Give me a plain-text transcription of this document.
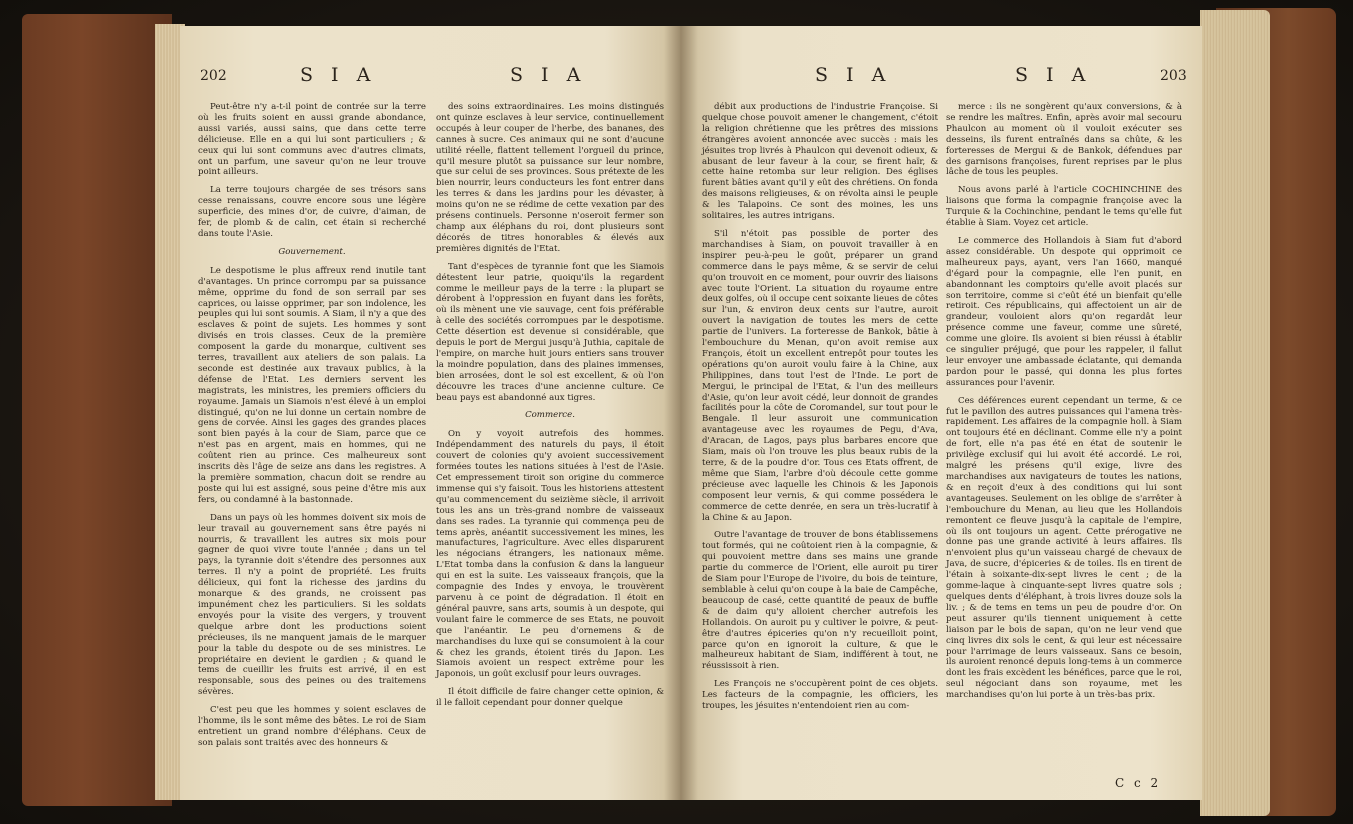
202	S I A	S I A

Peut-être n'y a-t-il point de contrée sur la terre où les fruits soient en aussi grande abondance, aussi variés, aussi sains, que dans cette terre délicieuse. Elle en a qui lui sont particuliers ; & ceux qui lui sont communs avec d'autres climats, ont un parfum, une saveur qu'on ne leur trouve point ailleurs.

La terre toujours chargée de ses trésors sans cesse renaissans, couvre encore sous une légère superficie, des mines d'or, de cuivre, d'aiman, de fer, de plomb & de calin, cet étain si recherché dans toute l'Asie.

Gouvernement.

Le despotisme le plus affreux rend inutile tant d'avantages. Un prince corrompu par sa puissance même, opprime du fond de son serrail par ses caprices, ou laisse opprimer, par son indolence, les peuples qui lui sont soumis. A Siam, il n'y a que des esclaves & point de sujets. Les hommes y sont divisés en trois classes. Ceux de la première composent la garde du monarque, cultivent ses terres, travaillent aux ateliers de son palais. La seconde est destinée aux travaux publics, à la défense de l'Etat. Les derniers servent les magistrats, les ministres, les premiers officiers du royaume. Jamais un Siamois n'est élevé à un emploi distingué, qu'on ne lui donne un certain nombre de gens de corvée. Ainsi les gages des grandes places sont bien payés à la cour de Siam, parce que ce n'est pas en argent, mais en hommes, qui ne coûtent rien au prince. Ces malheureux sont inscrits dès l'âge de seize ans dans les registres. A la première sommation, chacun doit se rendre au poste qui lui est assigné, sous peine d'être mis aux fers, ou condamné à la bastonnade.

Dans un pays où les hommes doivent six mois de leur travail au gouvernement sans être payés ni nourris, & travaillent les autres six mois pour gagner de quoi vivre toute l'année ; dans un tel pays, la tyrannie doit s'étendre des personnes aux terres. Il n'y a point de propriété. Les fruits délicieux, qui font la richesse des jardins du monarque & des grands, ne croissent pas impunément chez les particuliers. Si les soldats envoyés pour la visite des vergers, y trouvent quelque arbre dont les productions soient précieuses, ils ne manquent jamais de le marquer pour la table du despote ou de ses ministres. Le propriétaire en devient le gardien ; & quand le tems de cueillir les fruits est arrivé, il en est responsable, sous des peines ou des traitemens sévères.

C'est peu que les hommes y soient esclaves de l'homme, ils le sont même des bêtes. Le roi de Siam entretient un grand nombre d'éléphans. Ceux de son palais sont traités avec des honneurs &

des soins extraordinaires. Les moins distingués ont quinze esclaves à leur service, continuellement occupés à leur couper de l'herbe, des bananes, des cannes à sucre. Ces animaux qui ne sont d'aucune utilité réelle, flattent tellement l'orgueil du prince, qu'il mesure plutôt sa puissance sur leur nombre, que sur celui de ses provinces. Sous prétexte de les bien nourrir, leurs conducteurs les font entrer dans les terres & dans les jardins pour les dévaster, à moins qu'on ne se rédime de cette vexation par des présens continuels. Personne n'oseroit fermer son champ aux éléphans du roi, dont plusieurs sont décorés de titres honorables & élevés aux premières dignités de l'Etat.

Tant d'espèces de tyrannie font que les Siamois détestent leur patrie, quoiqu'ils la regardent comme le meilleur pays de la terre : la plupart se dérobent à l'oppression en fuyant dans les forêts, où ils mènent une vie sauvage, cent fois préférable à celle des sociétés corrompues par le despotisme. Cette désertion est devenue si considérable, que depuis le port de Mergui jusqu'à Juthia, capitale de l'empire, on marche huit jours entiers sans trouver la moindre population, dans des plaines immenses, bien arrosées, dont le sol est excellent, & où l'on découvre les traces d'une ancienne culture. Ce beau pays est abandonné aux tigres.

Commerce.

On y voyoit autrefois des hommes. Indépendamment des naturels du pays, il étoit couvert de colonies qu'y avoient successivement formées toutes les nations situées à l'est de l'Asie. Cet empressement tiroit son origine du commerce immense qui s'y faisoit. Tous les historiens attestent qu'au commencement du seizième siècle, il arrivoit tous les ans un très-grand nombre de vaisseaux dans ses rades. La tyrannie qui commença peu de tems après, anéantit successivement les mines, les manufactures, l'agriculture. Avec elles disparurent les négocians étrangers, les nationaux même. L'Etat tomba dans la confusion & dans la langueur qui en est la suite. Les vaisseaux françois, que la compagnie des Indes y envoya, le trouvèrent parvenu à ce point de dégradation. Il étoit en général pauvre, sans arts, soumis à un despote, qui voulant faire le commerce de ses Etats, ne pouvoit que l'anéantir. Le peu d'ornemens & de marchandises du luxe qui se consumoient à la cour & chez les grands, étoient tirés du Japon. Les Siamois avoient un respect extrême pour les Japonois, un goût exclusif pour leurs ouvrages.

Il étoit difficile de faire changer cette opinion, & il le falloit cependant pour donner quelque

S I A	S I A	203

débit aux productions de l'industrie Françoise. Si quelque chose pouvoit amener le changement, c'étoit la religion chrétienne que les prêtres des missions étrangères avoient annoncée avec succès : mais les jésuites trop livrés à Phaulcon qui devenoit odieux, & abusant de leur faveur à la cour, se firent haïr, & cette haine retomba sur leur religion. Des églises furent bâties avant qu'il y eût des chrétiens. On fonda des maisons religieuses, & on révolta ainsi le peuple & les Talapoins. Ce sont des moines, les uns solitaires, les autres intrigans.

S'il n'étoit pas possible de porter des marchandises à Siam, on pouvoit travailler à en inspirer peu-à-peu le goût, préparer un grand commerce dans le pays même, & se servir de celui qu'on trouvoit en ce moment, pour ouvrir des liaisons avec toute l'Orient. La situation du royaume entre deux golfes, où il occupe cent soixante lieues de côtes sur l'un, & environ deux cents sur l'autre, auroit ouvert la navigation de toutes les mers de cette partie de l'univers. La forteresse de Bankok, bâtie à l'embouchure du Menan, qu'on avoit remise aux François, étoit un excellent entrepôt pour toutes les opérations qu'on auroit voulu faire à la Chine, aux Philippines, dans tout l'est de l'Inde. Le port de Mergui, le principal de l'Etat, & l'un des meilleurs d'Asie, qu'on leur avoit cédé, leur donnoit de grandes facilités pour la côte de Coromandel, sur tout pour le Bengale. Il leur assuroit une communication avantageuse avec les royaumes de Pegu, d'Ava, d'Aracan, de Lagos, pays plus barbares encore que Siam, mais où l'on trouve les plus beaux rubis de la terre, & de la poudre d'or. Tous ces Etats offrent, de même que Siam, l'arbre d'où découle cette gomme précieuse avec laquelle les Chinois & les Japonois composent leur vernis, & qui comme possédera le commerce de cette denrée, en sera un très-lucratif à la Chine & au Japon.

Outre l'avantage de trouver de bons établissemens tout formés, qui ne coûtoient rien à la compagnie, & qui pouvoient mettre dans ses mains une grande partie du commerce de l'Orient, elle auroit pu tirer de Siam pour l'Europe de l'ivoire, du bois de teinture, semblable à celui qu'on coupe à la baie de Campêche, beaucoup de casé, cette quantité de peaux de buffle & de daim qu'y alloient chercher autrefois les Hollandois. On auroit pu y cultiver le poivre, & peut-être d'autres épiceries qu'on n'y recueilloit point, parce qu'on en ignoroit la culture, & que le malheureux habitant de Siam, indifférent à tout, ne réussissoit à rien.

Les François ne s'occupèrent point de ces objets. Les facteurs de la compagnie, les officiers, les troupes, les jésuites n'entendoient rien au com-

merce : ils ne songèrent qu'aux conversions, & à se rendre les maîtres. Enfin, après avoir mal secouru Phaulcon au moment où il vouloit exécuter ses desseins, ils furent entraînés dans sa chûte, & les forteresses de Mergui & de Bankok, défendues par des garnisons françoises, furent reprises par le plus lâche de tous les peuples.

Nous avons parlé à l'article COCHINCHINE des liaisons que forma la compagnie françoise avec la Turquie & la Cochinchine, pendant le tems qu'elle fut établie à Siam. Voyez cet article.

Le commerce des Hollandois à Siam fut d'abord assez considérable. Un despote qui opprimoit ce malheureux pays, ayant, vers l'an 1660, manqué d'égard pour la compagnie, elle l'en punit, en abandonnant les comptoirs qu'elle avoit placés sur son territoire, comme si c'eût été un bienfait qu'elle retiroit. Ces républicains, qui affectoient un air de grandeur, vouloient alors qu'on regardât leur présence comme une faveur, comme une sûreté, comme une gloire. Ils avoient si bien réussi à établir ce singulier préjugé, que pour les rappeler, il fallut leur envoyer une ambassade éclatante, qui demanda pardon pour le passé, qui donna les plus fortes assurances pour l'avenir.

Ces déférences eurent cependant un terme, & ce fut le pavillon des autres puissances qui l'amena très-rapidement. Les affaires de la compagnie holl. à Siam ont toujours été en déclinant. Comme elle n'y a point de fort, elle n'a pas été en état de soutenir le privilège exclusif qui lui avoit été accordé. Le roi, malgré les présens qu'il exige, livre des marchandises aux navigateurs de toutes les nations, & en reçoit d'eux à des conditions qui lui sont avantageuses. Seulement on les oblige de s'arrêter à l'embouchure du Menan, au lieu que les Hollandois remontent ce fleuve jusqu'à la capitale de l'empire, où ils ont toujours un agent. Cette prérogative ne donne pas une grande activité à leurs affaires. Ils n'envoient plus qu'un vaisseau chargé de chevaux de Java, de sucre, d'épiceries & de toiles. Ils en tirent de l'étain à soixante-dix-sept livres le cent ; de la gomme-laque à cinquante-sept livres quatre sols ; quelques dents d'éléphant, à trois livres douze sols la liv. ; & de tems en tems un peu de poudre d'or. On peut assurer qu'ils tiennent uniquement à cette liaison par le bois de sapan, qu'on ne leur vend que cinq livres dix sols le cent, & qui leur est nécessaire pour l'arrimage de leurs vaisseaux. Sans ce besoin, ils auroient renoncé depuis long-tems à un commerce dont les frais excèdent les bénéfices, parce que le roi, seul négociant dans son royaume, met les marchandises qu'on lui porte à un très-bas prix.

C c 2
